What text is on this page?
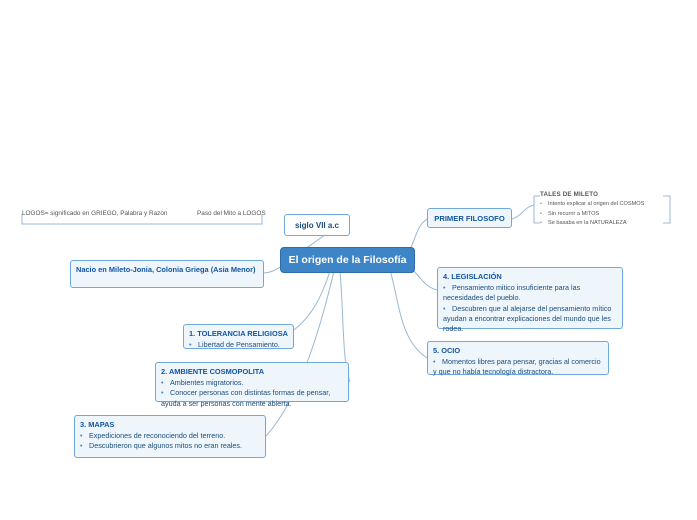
LOGOS= significado en GRIEGO, Palabra y Razon	Paso del Mito a LOGOS
siglo VII a.c
PRIMER FILOSOFO
TALES DE MILETO
• Intento explicar al origen del COSMOS
• Sin recurrir a MITOS
• Se basaba en la NATURALEZA
El origen de la Filosofía
Nacio en Mileto-Jonia, Colonia Griega (Asia Menor)
1. TOLERANCIA RELIGIOSA
• Libertad de Pensamiento.
2. AMBIENTE COSMOPOLITA
• Ambientes migratorios.
• Conocer personas con distintas formas de pensar, ayuda a ser personas con mente abierta.
3. MAPAS
• Expediciones de reconociendo del terreno.
• Descubrieron que algunos mitos no eran reales.
4. LEGISLACIÓN
• Pensamiento mitico insuficiente para las necesidades del pueblo.
• Descubren que al alejarse del pensamiento mítico ayudan a encontrar explicaciones del mundo que les rodea.
5. OCIO
• Momentos libres para pensar, gracias al comercio y que no había tecnología distractora.
